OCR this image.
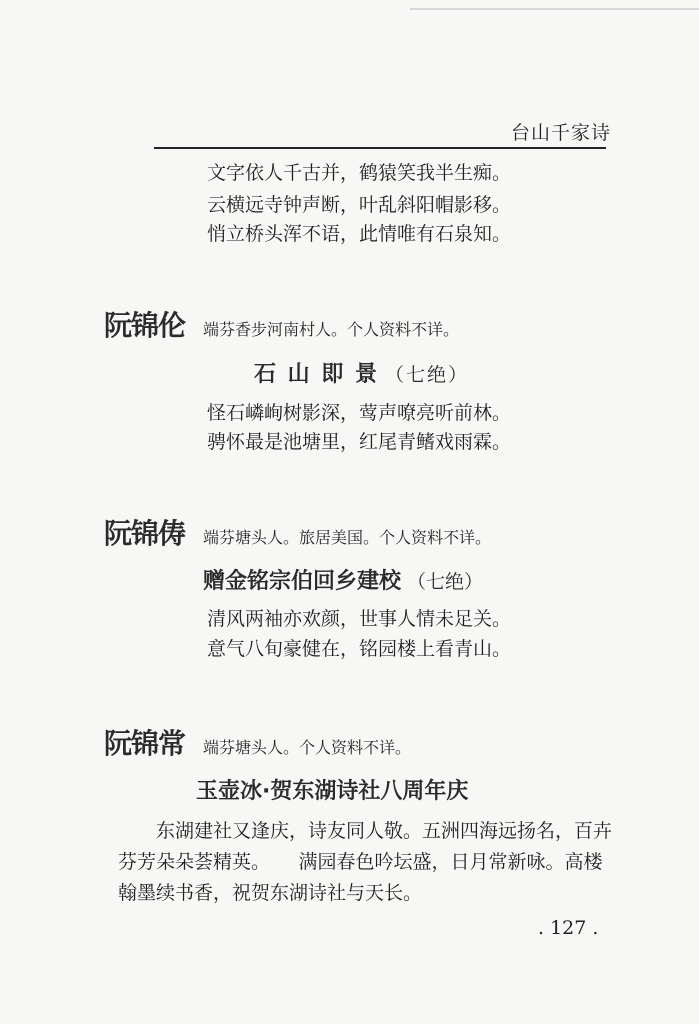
台山千家诗
文字依人千古并，鹤猿笑我半生痴。
云横远寺钟声断，叶乱斜阳帽影移。
悄立桥头浑不语，此情唯有石泉知。
阮锦伦 端芬香步河南村人。个人资料不详。
石 山 即 景 （七绝）
怪石嶙峋树影深，莺声嘹亮听前林。
骋怀最是池塘里，红尾青鳍戏雨霖。
阮锦俦 端芬塘头人。旅居美国。个人资料不详。
赠金铭宗伯回乡建校 （七绝）
清风两袖亦欢颜，世事人情未足关。
意气八旬豪健在，铭园楼上看青山。
阮锦常 端芬塘头人。个人资料不详。
玉壶冰·贺东湖诗社八周年庆

东湖建社又逢庆，诗友同人敬。五洲四海远扬名，百卉

芬芳朵朵荟精英。　　满园春色吟坛盛，日月常新咏。高楼

翰墨续书香，祝贺东湖诗社与天长。

. 127 .
